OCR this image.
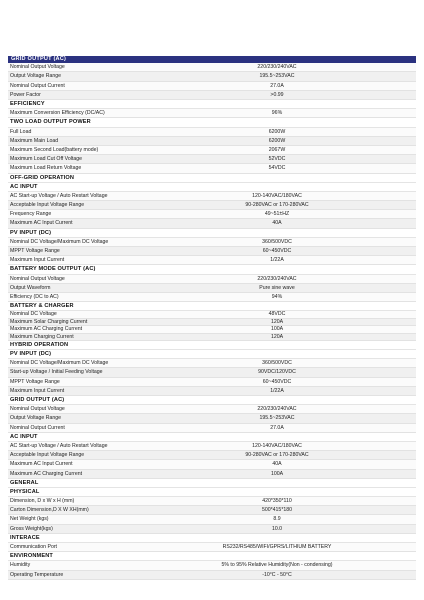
GRID OUTPUT (AC)
Nominal Output Voltage	220/230/240VAC
Output Voltage Range	195.5~253VAC
Nominal Output Current	27.0A
Power Factor	>0.99
EFFICIENCY
Maximum Conversion Efficiency (DC/AC)	96%
TWO LOAD OUTPUT POWER
Full Load	6200W
Maximum Main Load	6200W
Maximum Second Load(battery mode)	2067W
Maximum Load Cut Off Voltage	52VDC
Maximum Load Return Voltage	54VDC
OFF-GRID OPERATION
AC INPUT
AC Start-up Voltage / Auto Restart Voltage	120-140VAC/180VAC
Acceptable Input Voltage Range	90-280VAC or 170-280VAC
Frequency Range	49~51±HZ
Maximum AC Input Current	40A
PV INPUT (DC)
Nominal DC Voltage/Maximum DC Voltage	360/500VDC
MPPT Voltage Range	60~450VDC
Maximum Input Current	1/22A
BATTERY MODE OUTPUT (AC)
Nominal Output Voltage	220/230/240VAC
Output Waveform	Pure sine wave
Efficiency (DC to AC)	94%
BATTERY & CHARGER
Nominal DC Voltage	48VDC
Maximum Solar Charging Current	120A
Maximum AC Charging Current	100A
Maximum Charging Current	120A
HYBRID OPERATION
PV INPUT (DC)
Nominal DC Voltage/Maximum DC Voltage	360/500VDC
Start-up Voltage / Initial Feeding Voltage	90VDC/120VDC
MPPT Voltage Range	60~450VDC
Maximum Input Current	1/22A
GRID OUTPUT (AC)
Nominal Output Voltage	220/230/240VAC
Output Voltage Range	195.5~253VAC
Nominal Output Current	27.0A
AC INPUT
AC Start-up Voltage / Auto Restart Voltage	120-140VAC/180VAC
Acceptable Input Voltage Range	90-280VAC or 170-280VAC
Maximum AC Input Current	40A
Maximum AC Charging Current	100A
GENERAL
PHYSICAL
Dimension, D x W x H (mm)	420*350*110
Carton Dimension,D X W XH(mm)	500*415*180
Net Weight (kgs)	8.9
Gross Weight(kgs)	10.0
INTERACE
Communication Port	RS232/RS485/WIFI/GPRS/LITHIUM BATTERY
ENVIRONMENT
Humidity	5% to 95% Relative Humidity(Non - condensing)
Operating Temperature	-10°C - 50°C
